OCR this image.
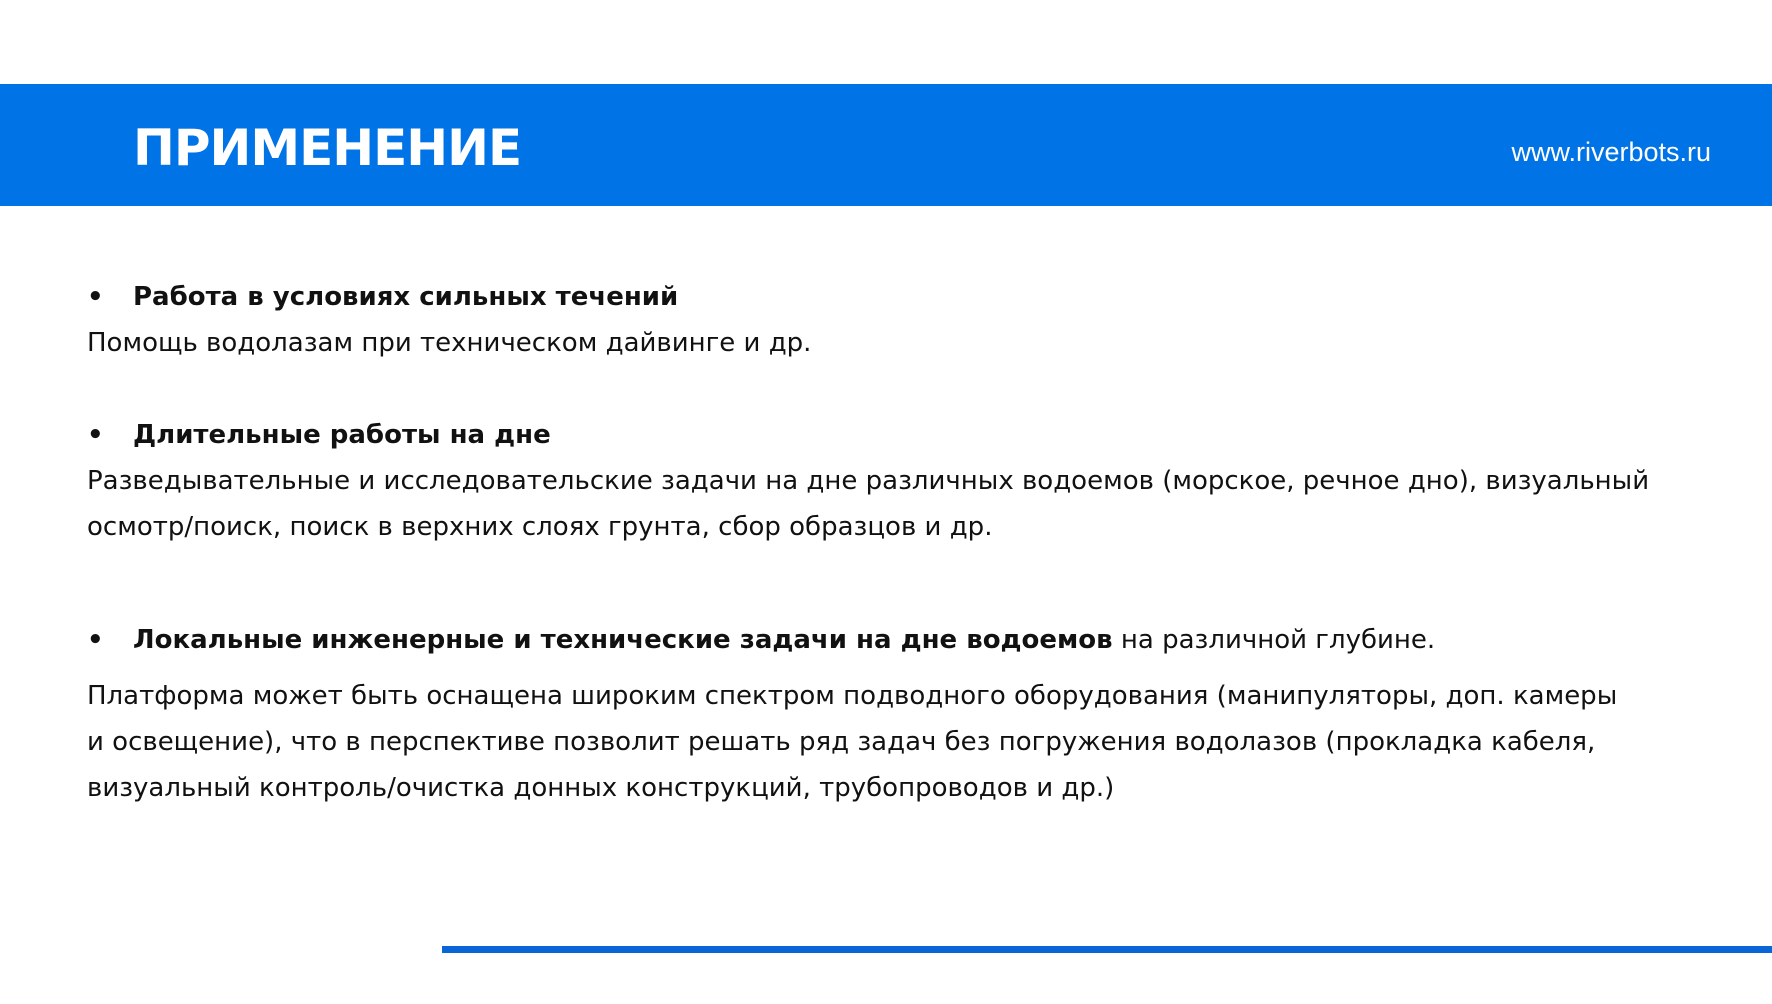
ПРИМЕНЕНИЕ	www.riverbots.ru

• Работа в условиях сильных течений

Помощь водолазам при техническом дайвинге и др.

• Длительные работы на дне

Разведывательные и исследовательские задачи на дне различных водоемов (морское, речное дно), визуальный
осмотр/поиск, поиск в верхних слоях грунта, сбор образцов и др.

• Локальные инженерные и технические задачи на дне водоемов на различной глубине.

Платформа может быть оснащена широким спектром подводного оборудования (манипуляторы, доп. камеры
и освещение), что в перспективе позволит решать ряд задач без погружения водолазов (прокладка кабеля,
визуальный контроль/очистка донных конструкций, трубопроводов и др.)
